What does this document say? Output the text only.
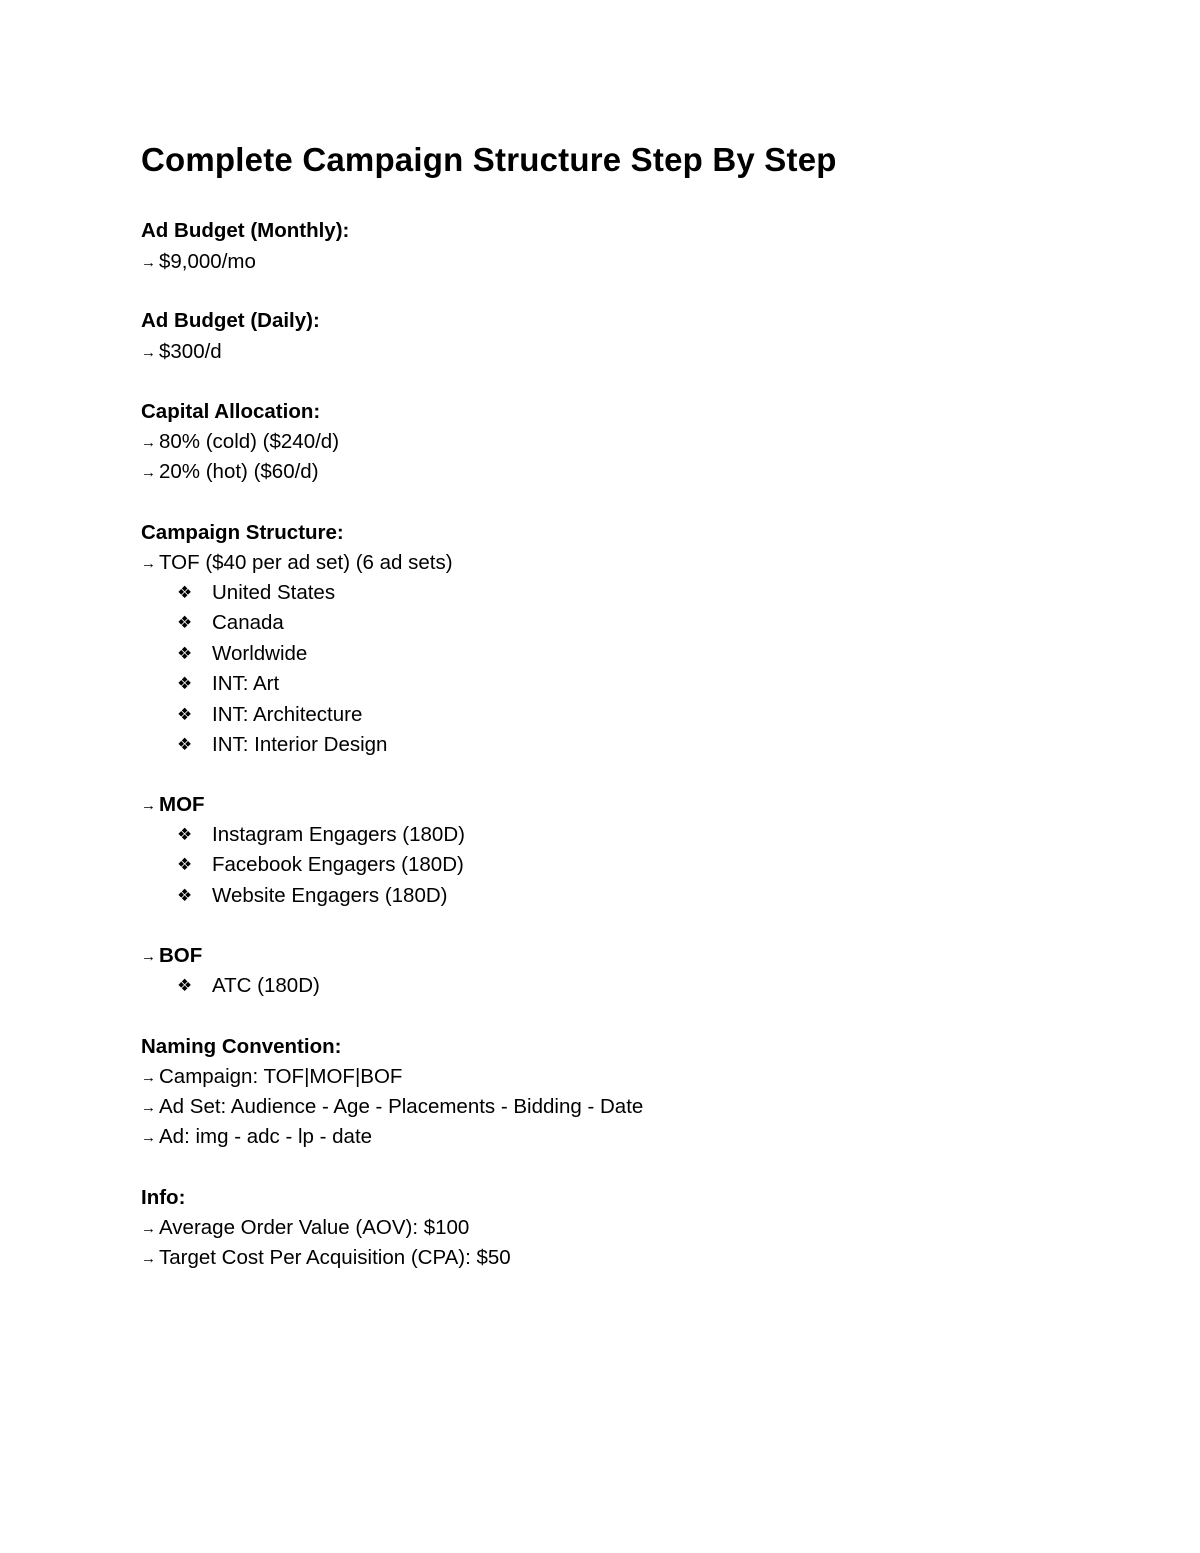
Complete Campaign Structure Step By Step
Ad Budget (Monthly):
→ $9,000/mo
Ad Budget (Daily):
→ $300/d
Capital Allocation:
→ 80% (cold) ($240/d)
→ 20% (hot) ($60/d)
Campaign Structure:
→ TOF ($40 per ad set) (6 ad sets)
❖ United States
❖ Canada
❖ Worldwide
❖ INT: Art
❖ INT: Architecture
❖ INT: Interior Design
→ MOF
❖ Instagram Engagers (180D)
❖ Facebook Engagers (180D)
❖ Website Engagers (180D)
→ BOF
❖ ATC (180D)
Naming Convention:
→ Campaign: TOF|MOF|BOF
→ Ad Set: Audience - Age - Placements - Bidding - Date
→ Ad: img - adc - lp - date
Info:
→ Average Order Value (AOV): $100
→ Target Cost Per Acquisition (CPA): $50
